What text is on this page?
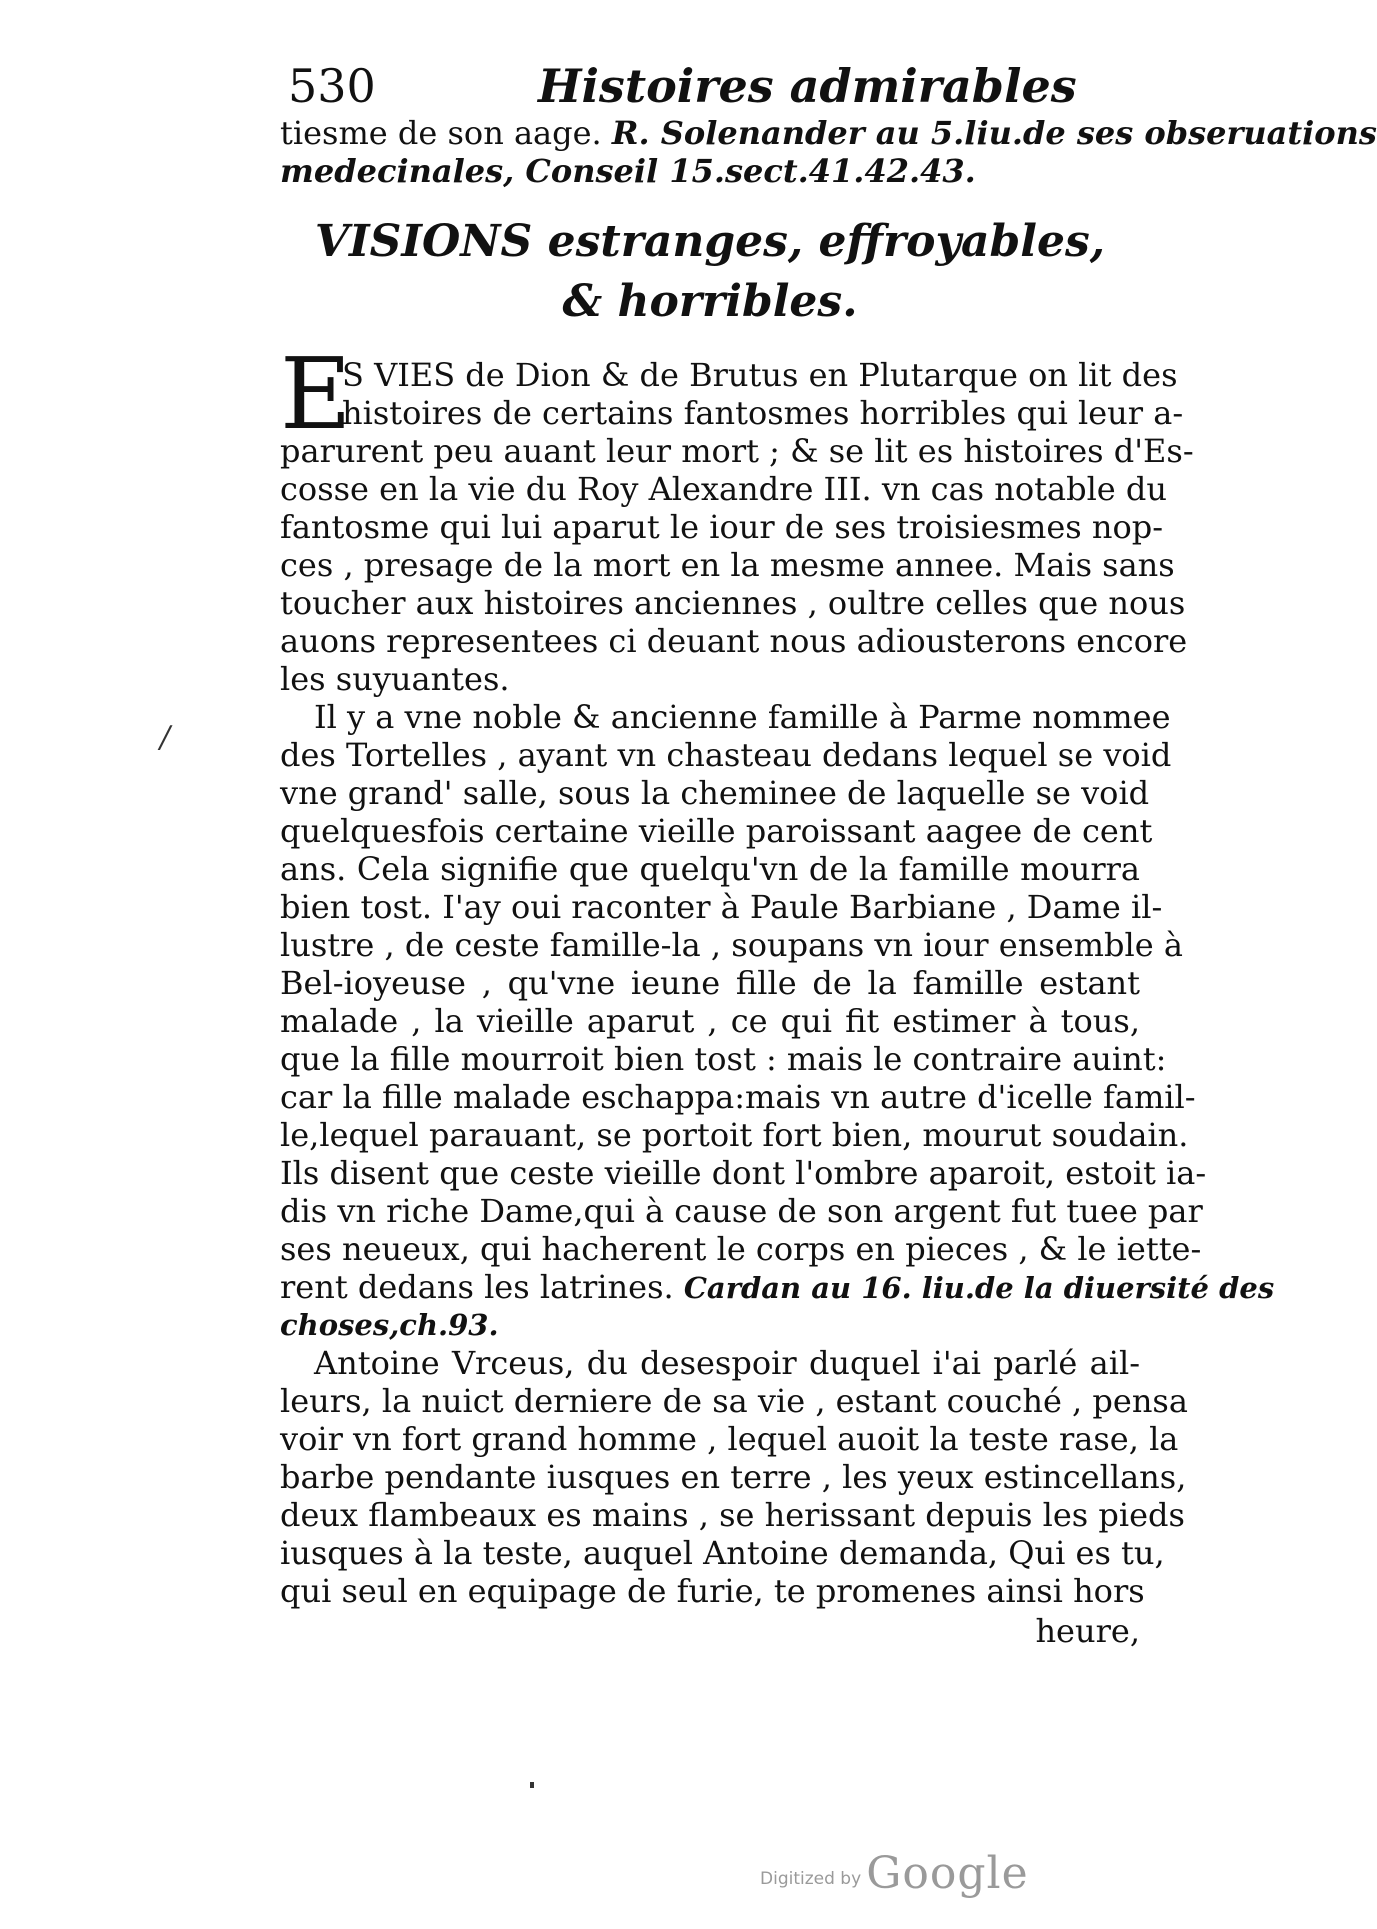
530	Histoires admirables
tiesme de son aage. R. Solenander au 5.liu.de ses obseruations
medecinales, Conseil 15.sect.41.42.43.
VISIONS estranges, effroyables,
& horribles.
E
S VIES de Dion & de Brutus en Plutarque on lit des
histoires de certains fantosmes horribles qui leur a-
parurent peu auant leur mort ; & se lit es histoires d'Es-
cosse en la vie du Roy Alexandre III. vn cas notable du
fantosme qui lui aparut le iour de ses troisiesmes nop-
ces , presage de la mort en la mesme annee. Mais sans
toucher aux histoires anciennes , oultre celles que nous
auons representees ci deuant nous adiousterons encore
les suyuantes.
Il y a vne noble & ancienne famille à Parme nommee
des Tortelles , ayant vn chasteau dedans lequel se void
vne grand' salle, sous la cheminee de laquelle se void
quelquesfois certaine vieille paroissant aagee de cent
ans. Cela signifie que quelqu'vn de la famille mourra
bien tost. I'ay oui raconter à Paule Barbiane , Dame il-
lustre , de ceste famille-la , soupans vn iour ensemble à
Bel-ioyeuse , qu'vne ieune fille de la famille estant
malade , la vieille aparut , ce qui fit estimer à tous,
que la fille mourroit bien tost : mais le contraire auint:
car la fille malade eschappa:mais vn autre d'icelle famil-
le,lequel parauant, se portoit fort bien, mourut soudain.
Ils disent que ceste vieille dont l'ombre aparoit, estoit ia-
dis vn riche Dame,qui à cause de son argent fut tuee par
ses neueux, qui hacherent le corps en pieces , & le iette-
rent dedans les latrines. Cardan au 16. liu.de la diuersité des
choses,ch.93.
Antoine Vrceus, du desespoir duquel i'ai parlé ail-
leurs, la nuict derniere de sa vie , estant couché , pensa
voir vn fort grand homme , lequel auoit la teste rase, la
barbe pendante iusques en terre , les yeux estincellans,
deux flambeaux es mains , se herissant depuis les pieds
iusques à la teste, auquel Antoine demanda, Qui es tu,
qui seul en equipage de furie, te promenes ainsi hors
heure,
/
Digitized by Google
